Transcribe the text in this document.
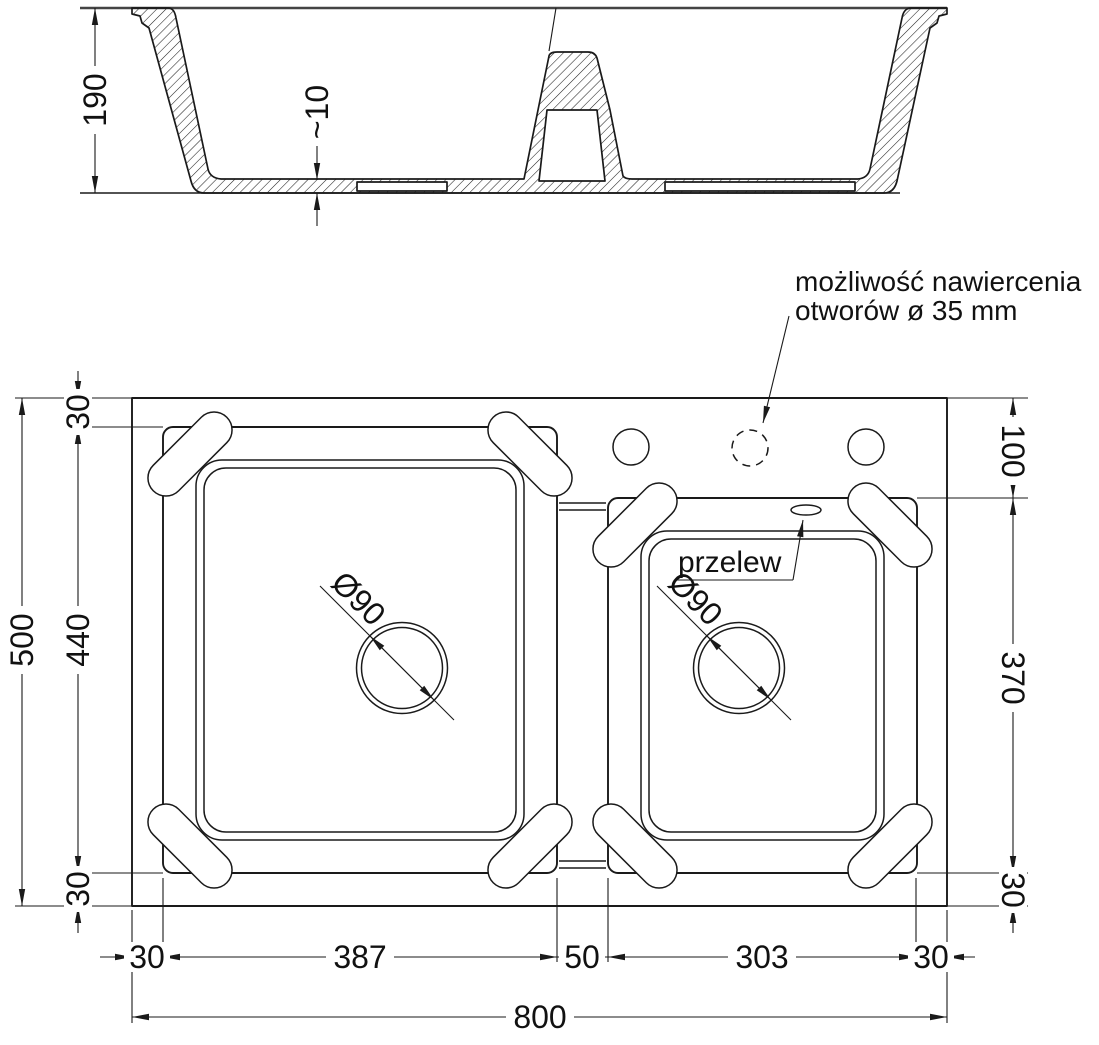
190	~10
możliwość nawiercenia
otworów ø 35 mm
przelew
Ø90	Ø90
500
30
440
30
100
370
30
30	387	50	303	30
800
